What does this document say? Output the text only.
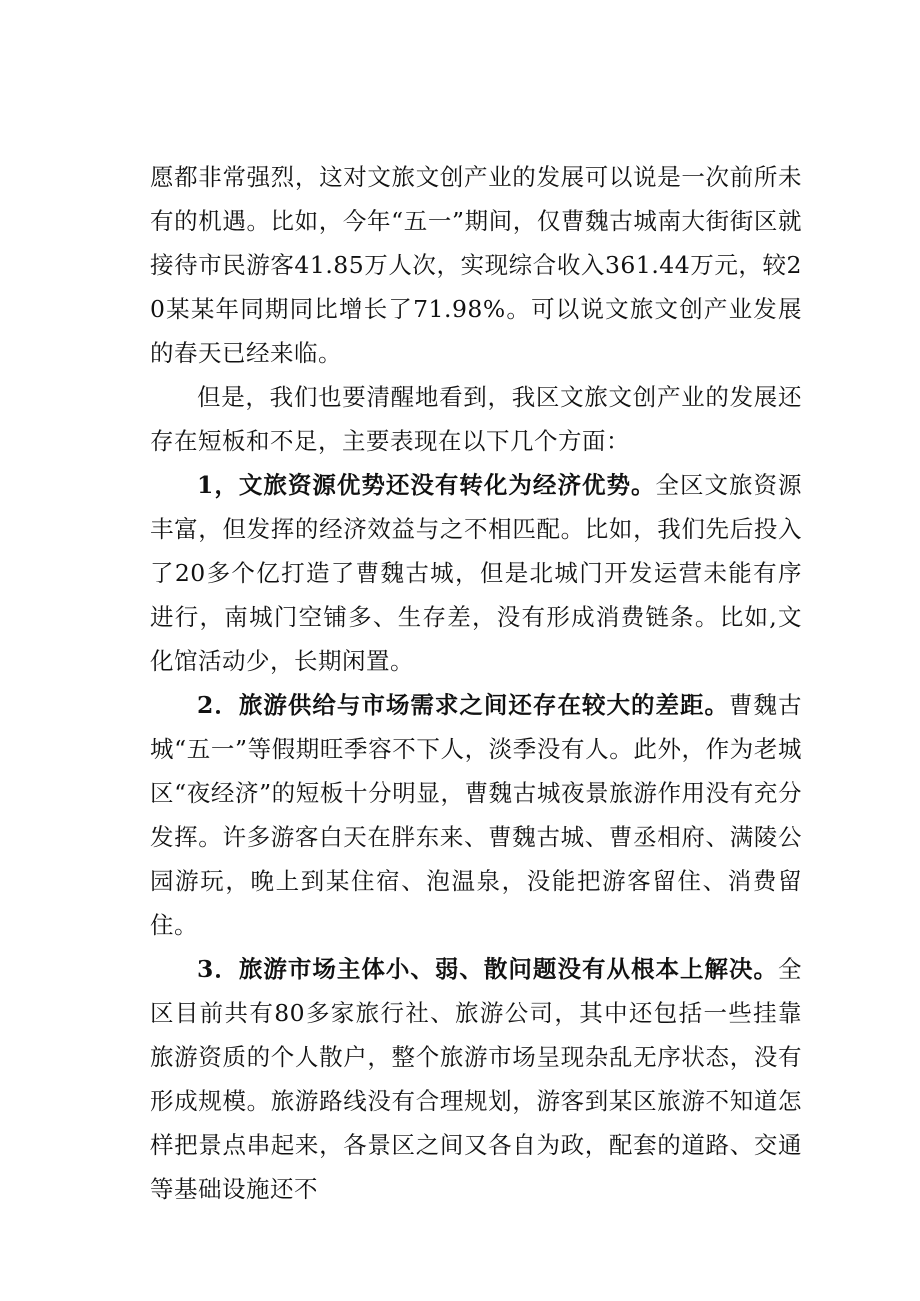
愿都非常强烈，这对文旅文创产业的发展可以说是一次前所未有的机遇。比如，今年“五一”期间，仅曹魏古城南大街街区就接待市民游客41.85万人次，实现综合收入361.44万元，较20某某年同期同比增长了71.98%。可以说文旅文创产业发展的春天已经来临。

但是，我们也要清醒地看到，我区文旅文创产业的发展还存在短板和不足，主要表现在以下几个方面：

1，文旅资源优势还没有转化为经济优势。全区文旅资源丰富，但发挥的经济效益与之不相匹配。比如，我们先后投入了20多个亿打造了曹魏古城，但是北城门开发运营未能有序进行，南城门空铺多、生存差，没有形成消费链条。比如,文化馆活动少，长期闲置。

2．旅游供给与市场需求之间还存在较大的差距。曹魏古城“五一”等假期旺季容不下人，淡季没有人。此外，作为老城区“夜经济”的短板十分明显，曹魏古城夜景旅游作用没有充分发挥。许多游客白天在胖东来、曹魏古城、曹丞相府、满陵公园游玩，晚上到某住宿、泡温泉，没能把游客留住、消费留住。

3．旅游市场主体小、弱、散问题没有从根本上解决。全区目前共有80多家旅行社、旅游公司，其中还包括一些挂靠旅游资质的个人散户，整个旅游市场呈现杂乱无序状态，没有形成规模。旅游路线没有合理规划，游客到某区旅游不知道怎样把景点串起来，各景区之间又各自为政，配套的道路、交通等基础设施还不
